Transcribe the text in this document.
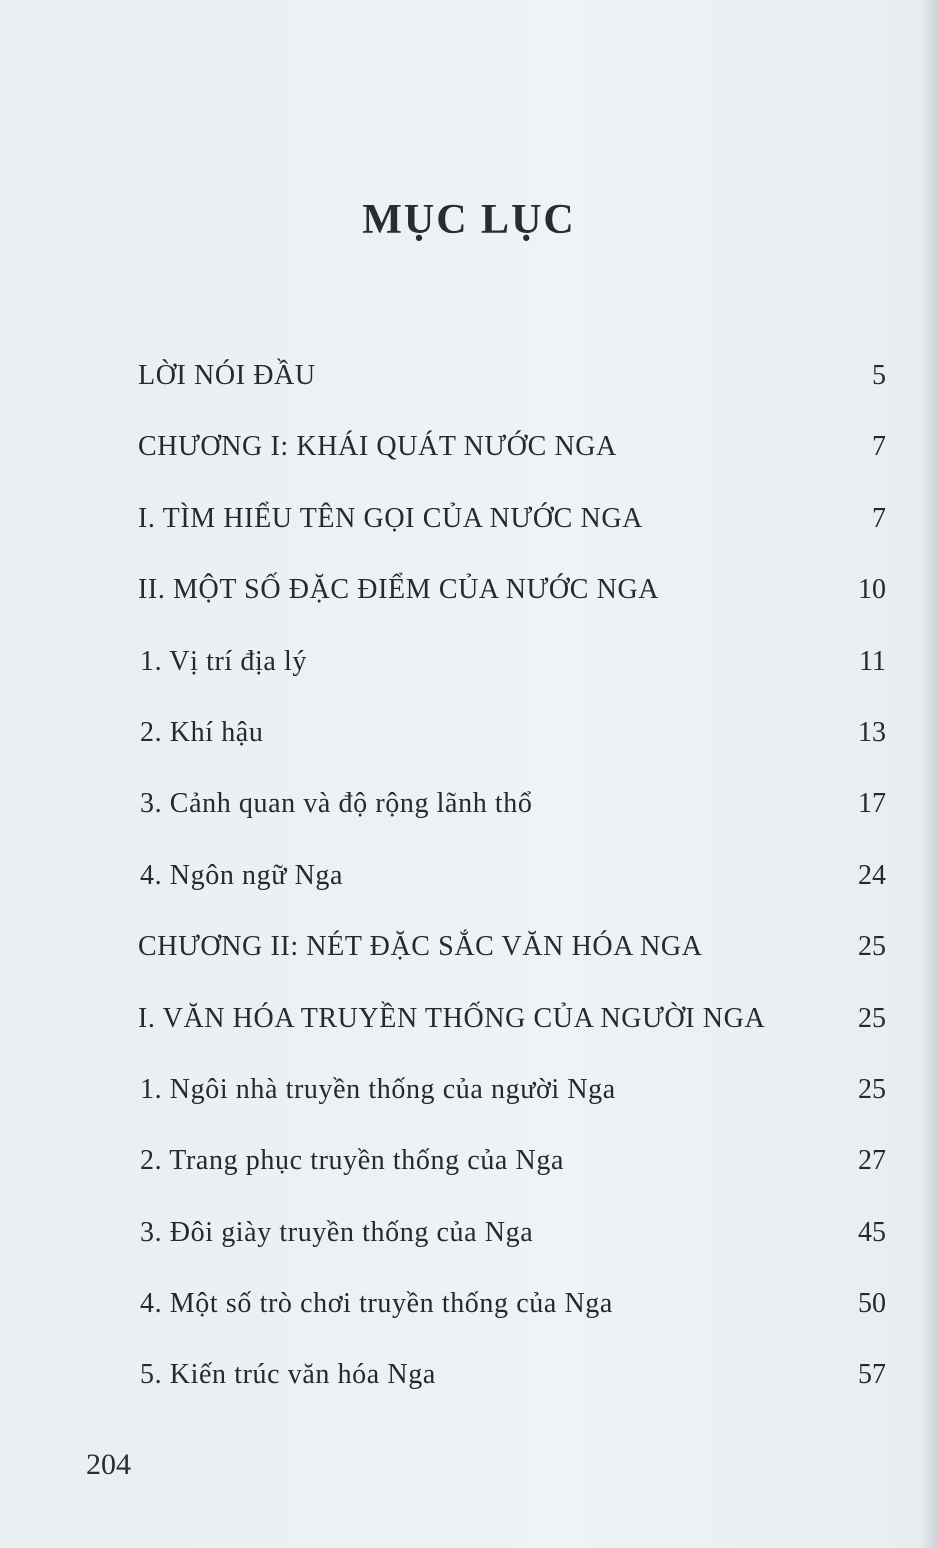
MỤC LỤC
LỜI NÓI ĐẦU	5
CHƯƠNG I: KHÁI QUÁT NƯỚC NGA	7
I. TÌM HIỂU TÊN GỌI CỦA NƯỚC NGA	7
II. MỘT SỐ ĐẶC ĐIỂM CỦA NƯỚC NGA	10
1. Vị trí địa lý	11
2. Khí hậu	13
3. Cảnh quan và độ rộng lãnh thổ	17
4. Ngôn ngữ Nga	24
CHƯƠNG II: NÉT ĐẶC SẮC VĂN HÓA NGA	25
I. VĂN HÓA TRUYỀN THỐNG CỦA NGƯỜI NGA	25
1. Ngôi nhà truyền thống của người Nga	25
2. Trang phục truyền thống của Nga	27
3. Đôi giày truyền thống của Nga	45
4. Một số trò chơi truyền thống của Nga	50
5. Kiến trúc văn hóa Nga	57
204
